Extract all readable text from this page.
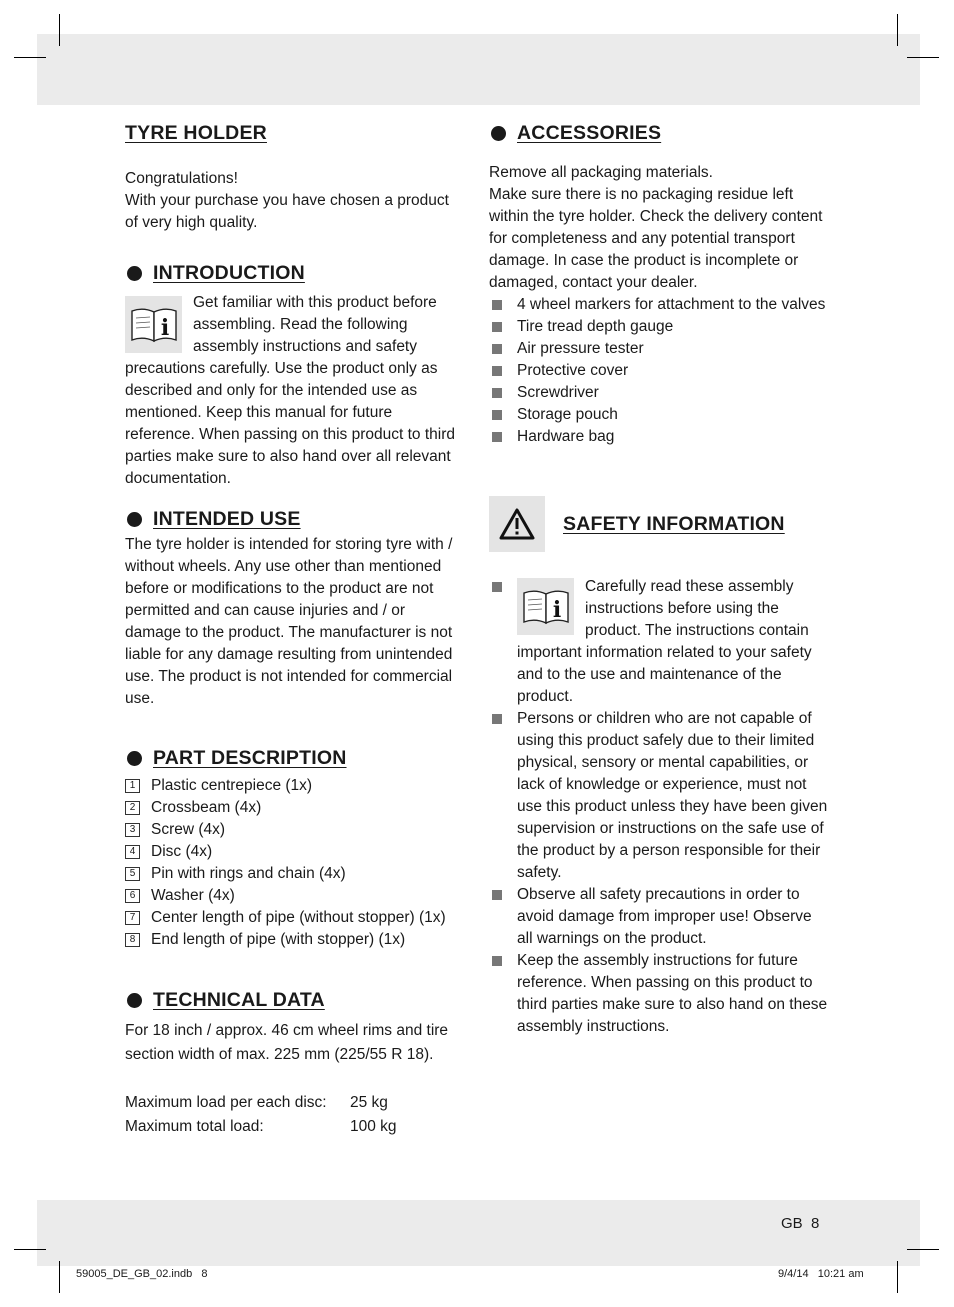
TYRE HOLDER

Congratulations!

With your purchase you have chosen a product of very high quality.

INTRODUCTION
i

Get familiar with this product before assembling. Read the following assembly instructions and safety precautions carefully. Use the product only as described and only for the intended use as mentioned. Keep this manual for future reference. When passing on this product to third parties make sure to also hand over all relevant documentation.

INTENDED USE

The tyre holder is intended for storing tyre with / without wheels. Any use other than mentioned before or modifications to the product are not permitted and can cause injuries and / or damage to the product. The manufacturer is not liable for any damage resulting from unintended use. The product is not intended for commercial use.

PART DESCRIPTION
1	Plastic centrepiece (1x)
2	Crossbeam (4x)
3	Screw (4x)
4	Disc (4x)
5	Pin with rings and chain (4x)
6	Washer (4x)
7	Center length of pipe (without stopper) (1x)
8	End length of pipe (with stopper) (1x)
TECHNICAL DATA

For 18 inch / approx. 46 cm wheel rims and tire section width of max. 225 mm (225/55 R 18).

Maximum load per each disc:	25 kg
Maximum total load:	100 kg
ACCESSORIES

Remove all packaging materials.

Make sure there is no packaging residue left within the tyre holder. Check the delivery content for completeness and any potential transport damage. In case the product is incomplete or damaged, contact your dealer.

4 wheel markers for attachment to the valves
Tire tread depth gauge
Air pressure tester
Protective cover
Screwdriver
Storage pouch
Hardware bag
SAFETY INFORMATION
i
Carefully read these assembly instructions before using the product. The instructions contain important information related to your safety and to the use and maintenance of the product.
Persons or children who are not capable of using this product safely due to their limited physical, sensory or mental capabilities, or lack of knowledge or experience, must not use this product unless they have been given supervision or instructions on the safe use of the product by a person responsible for their safety.
Observe all safety precautions in order to avoid damage from improper use! Observe all warnings on the product.
Keep the assembly instructions for future reference. When passing on this product to third parties make sure to also hand on these assembly instructions.
GB  8
59005_DE_GB_02.indb   8	9/4/14   10:21 am
